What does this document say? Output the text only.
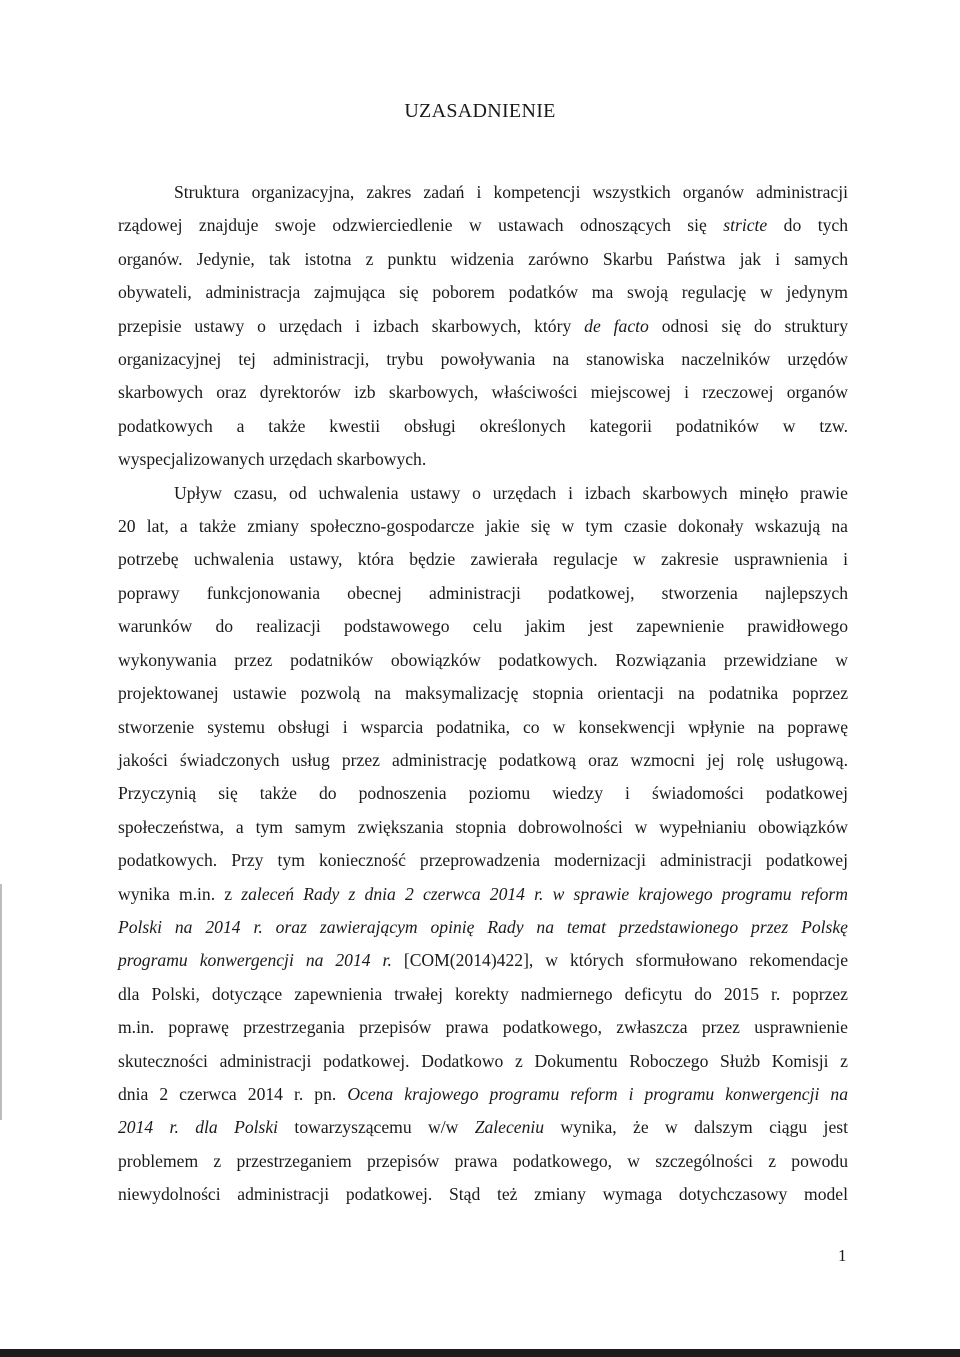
UZASADNIENIE
Struktura organizacyjna, zakres zadań i kompetencji wszystkich organów administracji
rządowej znajduje swoje odzwierciedlenie w ustawach odnoszących się stricte do tych
organów. Jedynie, tak istotna z punktu widzenia zarówno Skarbu Państwa jak i samych
obywateli, administracja zajmująca się poborem podatków ma swoją regulację w jedynym
przepisie ustawy o urzędach i izbach skarbowych, który de facto odnosi się do struktury
organizacyjnej tej administracji, trybu powoływania na stanowiska naczelników urzędów
skarbowych oraz dyrektorów izb skarbowych, właściwości miejscowej i rzeczowej organów
podatkowych a także kwestii obsługi określonych kategorii podatników w tzw.
wyspecjalizowanych urzędach skarbowych.
Upływ czasu, od uchwalenia ustawy o urzędach i izbach skarbowych minęło prawie
20 lat, a także zmiany społeczno-gospodarcze jakie się w tym czasie dokonały wskazują na
potrzebę uchwalenia ustawy, która będzie zawierała regulacje w zakresie usprawnienia i
poprawy funkcjonowania obecnej administracji podatkowej, stworzenia najlepszych
warunków do realizacji podstawowego celu jakim jest zapewnienie prawidłowego
wykonywania przez podatników obowiązków podatkowych. Rozwiązania przewidziane w
projektowanej ustawie pozwolą na maksymalizację stopnia orientacji na podatnika poprzez
stworzenie systemu obsługi i wsparcia podatnika, co w konsekwencji wpłynie na poprawę
jakości świadczonych usług przez administrację podatkową oraz wzmocni jej rolę usługową.
Przyczynią się także do podnoszenia poziomu wiedzy i świadomości podatkowej
społeczeństwa, a tym samym zwiększania stopnia dobrowolności w wypełnianiu obowiązków
podatkowych. Przy tym konieczność przeprowadzenia modernizacji administracji podatkowej
wynika m.in. z zaleceń Rady z dnia 2 czerwca 2014 r. w sprawie krajowego programu reform
Polski na 2014 r. oraz zawierającym opinię Rady na temat przedstawionego przez Polskę
programu konwergencji na 2014 r. [COM(2014)422], w których sformułowano rekomendacje
dla Polski, dotyczące zapewnienia trwałej korekty nadmiernego deficytu do 2015 r. poprzez
m.in. poprawę przestrzegania przepisów prawa podatkowego, zwłaszcza przez usprawnienie
skuteczności administracji podatkowej. Dodatkowo z Dokumentu Roboczego Służb Komisji z
dnia 2 czerwca 2014 r. pn. Ocena krajowego programu reform i programu konwergencji na
2014 r. dla Polski towarzyszącemu w/w Zaleceniu wynika, że w dalszym ciągu jest
problemem z przestrzeganiem przepisów prawa podatkowego, w szczególności z powodu
niewydolności administracji podatkowej. Stąd też zmiany wymaga dotychczasowy model
1
